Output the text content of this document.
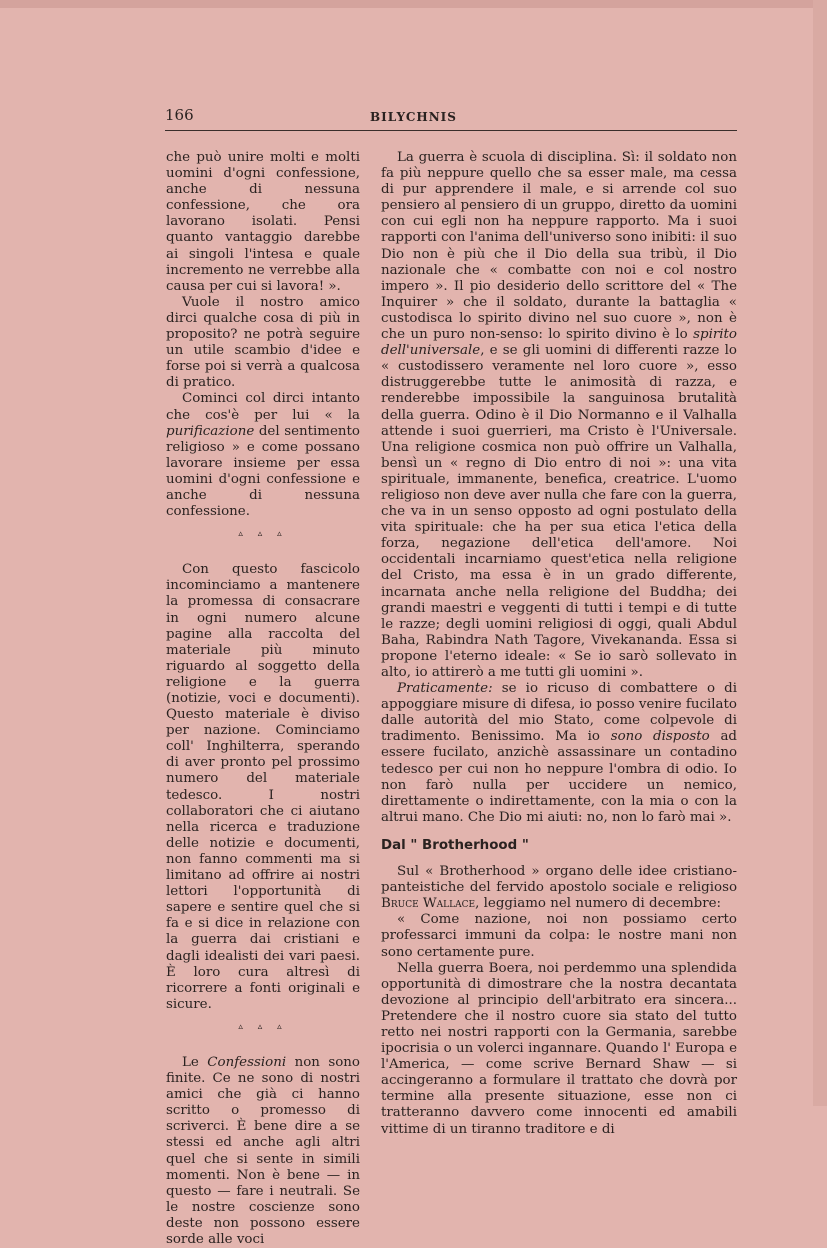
166	BILYCHNIS

che può unire molti e molti uomini d'ogni confessione, anche di nessuna confessione, che ora lavorano isolati. Pensi quanto vantaggio darebbe ai singoli l'intesa e quale incremento ne verrebbe alla causa per cui si lavora! ».

Vuole il nostro amico dirci qualche cosa di più in proposito? ne potrà seguire un utile scambio d'idee e forse poi si verrà a qualcosa di pratico.

Cominci col dirci intanto che cos'è per lui « la purificazione del sentimento religioso » e come possano lavorare insieme per essa uomini d'ogni confessione e anche di nessuna confessione.

▵ ▵ ▵

Con questo fascicolo incominciamo a mantenere la promessa di consacrare in ogni numero alcune pagine alla raccolta del materiale più minuto riguardo al soggetto della religione e la guerra (notizie, voci e documenti). Questo materiale è diviso per nazione. Cominciamo coll' Inghilterra, sperando di aver pronto pel prossimo numero del materiale tedesco. I nostri collaboratori che ci aiutano nella ricerca e traduzione delle notizie e documenti, non fanno commenti ma si limitano ad offrire ai nostri lettori l'opportunità di sapere e sentire quel che si fa e si dice in relazione con la guerra dai cristiani e dagli idealisti dei vari paesi. È loro cura altresì di ricorrere a fonti originali e sicure.

▵ ▵ ▵

Le Confessioni non sono finite. Ce ne sono di nostri amici che già ci hanno scritto o promesso di scriverci. È bene dire a se stessi ed anche agli altri quel che si sente in simili momenti. Non è bene — in questo — fare i neutrali. Se le nostre coscienze sono deste non possono essere sorde alle voci

La guerra è scuola di disciplina. Sì: il soldato non fa più neppure quello che sa esser male, ma cessa di pur apprendere il male, e si arrende col suo pensiero al pensiero di un gruppo, diretto da uomini con cui egli non ha neppure rapporto. Ma i suoi rapporti con l'anima dell'universo sono inibiti: il suo Dio non è più che il Dio della sua tribù, il Dio nazionale che « combatte con noi e col nostro impero ». Il pio desiderio dello scrittore del « The Inquirer » che il soldato, durante la battaglia « custodisca lo spirito divino nel suo cuore », non è che un puro non-senso: lo spirito divino è lo spirito dell'universale, e se gli uomini di differenti razze lo « custodissero veramente nel loro cuore », esso distruggerebbe tutte le animosità di razza, e renderebbe impossibile la sanguinosa brutalità della guerra. Odino è il Dio Normanno e il Valhalla attende i suoi guerrieri, ma Cristo è l'Universale. Una religione cosmica non può offrire un Valhalla, bensì un « regno di Dio entro di noi »: una vita spirituale, immanente, benefica, creatrice. L'uomo religioso non deve aver nulla che fare con la guerra, che va in un senso opposto ad ogni postulato della vita spirituale: che ha per sua etica l'etica della forza, negazione dell'etica dell'amore. Noi occidentali incarniamo quest'etica nella religione del Cristo, ma essa è in un grado differente, incarnata anche nella religione del Buddha; dei grandi maestri e veggenti di tutti i tempi e di tutte le razze; degli uomini religiosi di oggi, quali Abdul Baha, Rabindra Nath Tagore, Vivekananda. Essa si propone l'eterno ideale: « Se io sarò sollevato in alto, io attirerò a me tutti gli uomini ».

Praticamente: se io ricuso di combattere o di appoggiare misure di difesa, io posso venire fucilato dalle autorità del mio Stato, come colpevole di tradimento. Benissimo. Ma io sono disposto ad essere fucilato, anzichè assassinare un contadino tedesco per cui non ho neppure l'ombra di odio. Io non farò nulla per uccidere un nemico, direttamente o indirettamente, con la mia o con la altrui mano. Che Dio mi aiuti: no, non lo farò mai ».

Dal " Brotherhood "

Sul « Brotherhood » organo delle idee cristiano-panteistiche del fervido apostolo sociale e religioso Bruce Wallace, leggiamo nel numero di decembre:

« Come nazione, noi non possiamo certo professarci immuni da colpa: le nostre mani non sono certamente pure.

Nella guerra Boera, noi perdemmo una splendida opportunità di dimostrare che la nostra decantata devozione al principio dell'arbitrato era sincera... Pretendere che il nostro cuore sia stato del tutto retto nei nostri rapporti con la Germania, sarebbe ipocrisia o un volerci ingannare. Quando l' Europa e l'America, — come scrive Bernard Shaw — si accingeranno a formulare il trattato che dovrà por termine alla presente situazione, esse non ci tratteranno davvero come innocenti ed amabili vittime di un tiranno traditore e di
